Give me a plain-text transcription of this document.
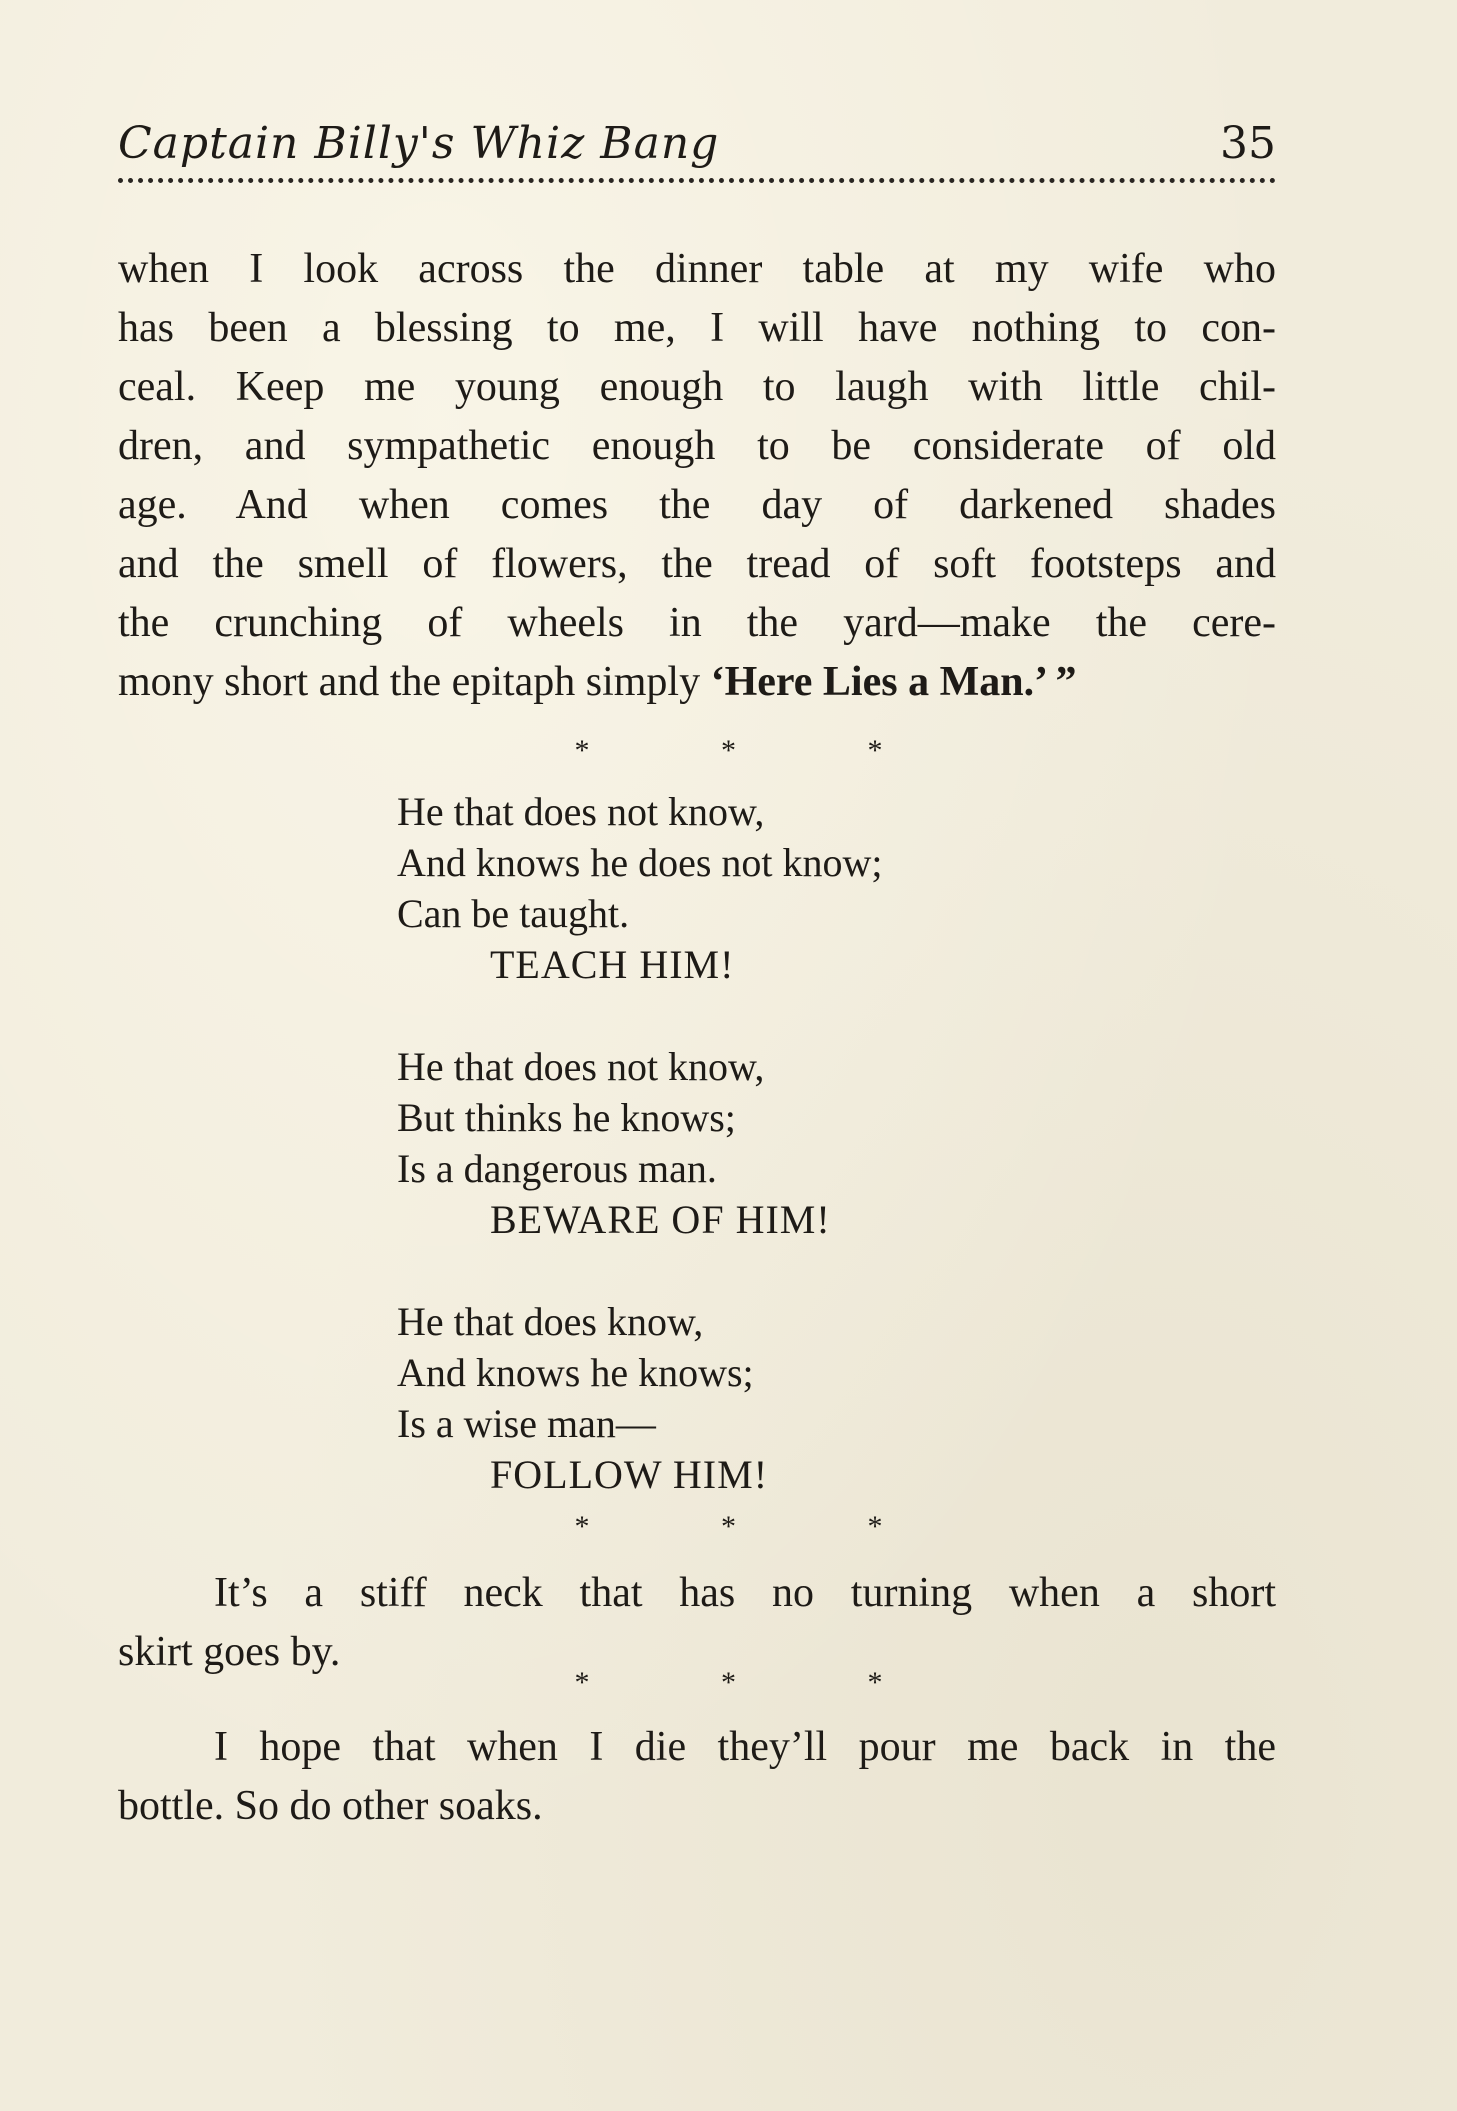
Captain Billy's Whiz Bang	35
when I look across the dinner table at my wife who
has been a blessing to me, I will have nothing to con-
ceal. Keep me young enough to laugh with little chil-
dren, and sympathetic enough to be considerate of old
age. And when comes the day of darkened shades
and the smell of flowers, the tread of soft footsteps and
the crunching of wheels in the yard—make the cere-
mony short and the epitaph simply ‘Here Lies a Man.’ ”
* * *
He that does not know,
And knows he does not know;
Can be taught.
TEACH HIM!
He that does not know,
But thinks he knows;
Is a dangerous man.
BEWARE OF HIM!
He that does know,
And knows he knows;
Is a wise man—
FOLLOW HIM!
* * *
It’s a stiff neck that has no turning when a short
skirt goes by.
* * *
I hope that when I die they’ll pour me back in the
bottle. So do other soaks.
